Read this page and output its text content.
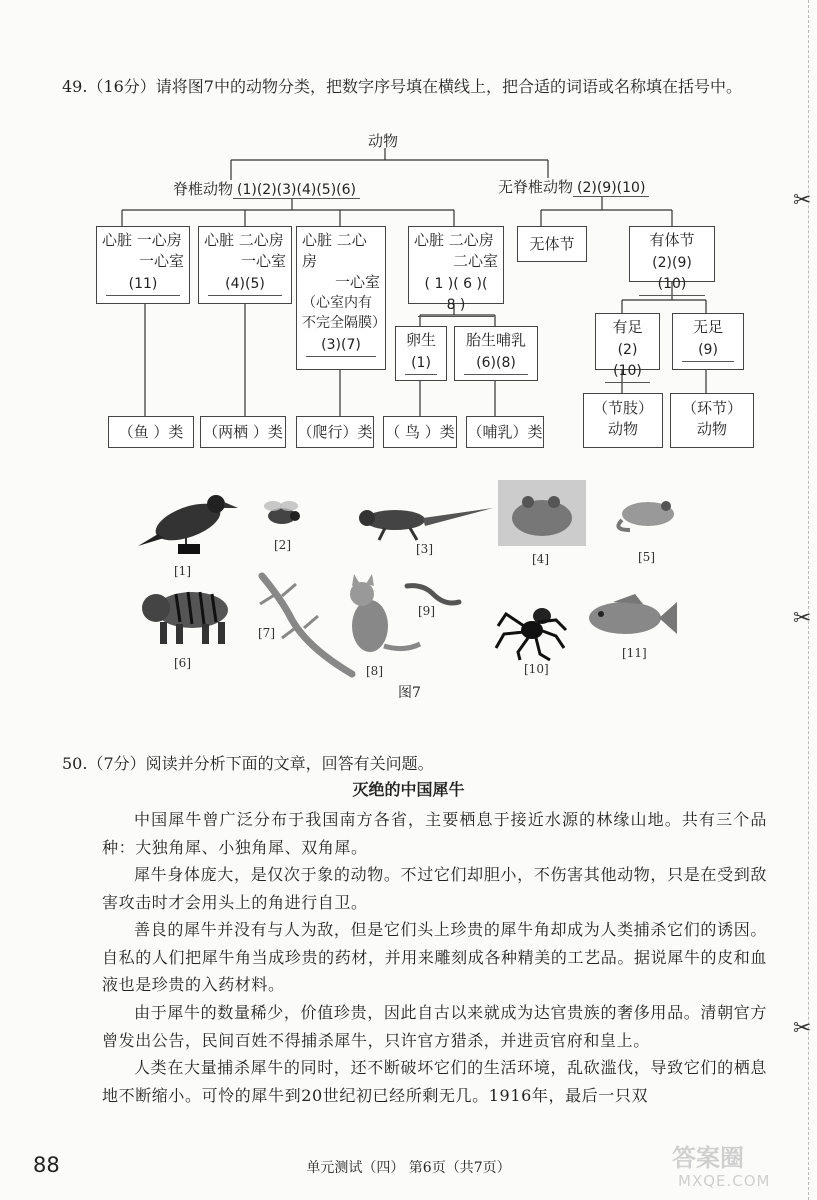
✂
✂
✂
49.（16分）请将图7中的动物分类，把数字序号填在横线上，把合适的词语或名称填在括号中。
动物
脊椎动物 (1)(2)(3)(4)(5)(6)	无脊椎动物 (2)(9)(10)
心脏 一心房
一心室
(11)
心脏 二心房
一心室
(4)(5)
心脏 二心房
一心室
（心室内有不完全隔膜）
(3)(7)
心脏 二心房
二心室
( 1 )( 6 )( 8 )
卵生
(1)
胎生哺乳
(6)(8)
无体节	有体节
(2)(9)(10)
有足
(2)(10)
无足
(9)
（鱼 ）类	（两栖 ）类 （爬行）类 （ 鸟 ）类 （哺乳）类
（节肢）
动物
（环节）
动物
[1]
[2]	[3]
[4]	[5]
[6]
[7]
[8]
[9]
[10]
[11]
图7
50.（7分）阅读并分析下面的文章，回答有关问题。
灭绝的中国犀牛
中国犀牛曾广泛分布于我国南方各省，主要栖息于接近水源的林缘山地。共有三个品种：大独角犀、小独角犀、双角犀。
犀牛身体庞大，是仅次于象的动物。不过它们却胆小，不伤害其他动物，只是在受到敌害攻击时才会用头上的角进行自卫。
善良的犀牛并没有与人为敌，但是它们头上珍贵的犀牛角却成为人类捕杀它们的诱因。自私的人们把犀牛角当成珍贵的药材，并用来雕刻成各种精美的工艺品。据说犀牛的皮和血液也是珍贵的入药材料。
由于犀牛的数量稀少，价值珍贵，因此自古以来就成为达官贵族的奢侈用品。清朝官方曾发出公告，民间百姓不得捕杀犀牛，只许官方猎杀，并进贡官府和皇上。
人类在大量捕杀犀牛的同时，还不断破坏它们的生活环境，乱砍滥伐，导致它们的栖息地不断缩小。可怜的犀牛到20世纪初已经所剩无几。1916年，最后一只双
88	单元测试（四） 第6页（共7页）	答案圈
MXQE.COM
